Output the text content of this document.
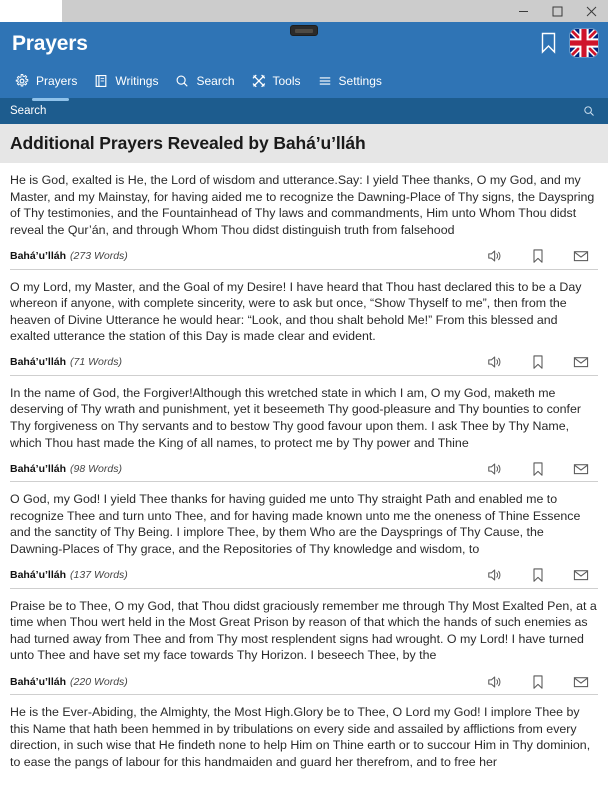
Prayers
Prayers	Writings	Search	Tools	Settings
Search
Additional Prayers Revealed by Bahá’u’lláh
He is God, exalted is He, the Lord of wisdom and utterance.Say: I yield Thee thanks, O my God, and my Master, and my Mainstay, for having aided me to recognize the Dawning-Place of Thy signs, the Dayspring of Thy testimonies, and the Fountainhead of Thy laws and commandments, Him unto Whom Thou didst reveal the Qur’án, and through Whom Thou didst distinguish truth from falsehood
Bahá’u’lláh (273 Words)
O my Lord, my Master, and the Goal of my Desire! I have heard that Thou hast declared this to be a Day whereon if anyone, with complete sincerity, were to ask but once, “Show Thyself to me”, then from the heaven of Divine Utterance he would hear: “Look, and thou shalt behold Me!” From this blessed and exalted utterance the station of this Day is made clear and evident.
Bahá’u’lláh (71 Words)
In the name of God, the Forgiver!Although this wretched state in which I am, O my God, maketh me deserving of Thy wrath and punishment, yet it beseemeth Thy good-pleasure and Thy bounties to confer Thy forgiveness on Thy servants and to bestow Thy good favour upon them. I ask Thee by Thy Name, which Thou hast made the King of all names, to protect me by Thy power and Thine
Bahá’u’lláh (98 Words)
O God, my God! I yield Thee thanks for having guided me unto Thy straight Path and enabled me to recognize Thee and turn unto Thee, and for having made known unto me the oneness of Thine Essence and the sanctity of Thy Being. I implore Thee, by them Who are the Daysprings of Thy Cause, the Dawning-Places of Thy grace, and the Repositories of Thy knowledge and wisdom, to
Bahá’u’lláh (137 Words)
Praise be to Thee, O my God, that Thou didst graciously remember me through Thy Most Exalted Pen, at a time when Thou wert held in the Most Great Prison by reason of that which the hands of such enemies as had turned away from Thee and from Thy most resplendent signs had wrought. O my Lord! I have turned unto Thee and have set my face towards Thy Horizon. I beseech Thee, by the
Bahá’u’lláh (220 Words)
He is the Ever-Abiding, the Almighty, the Most High.Glory be to Thee, O Lord my God! I implore Thee by this Name that hath been hemmed in by tribulations on every side and assailed by afflictions from every direction, in such wise that He findeth none to help Him on Thine earth or to succour Him in Thy dominion, to ease the pangs of labour for this handmaiden and guard her therefrom, and to free her
